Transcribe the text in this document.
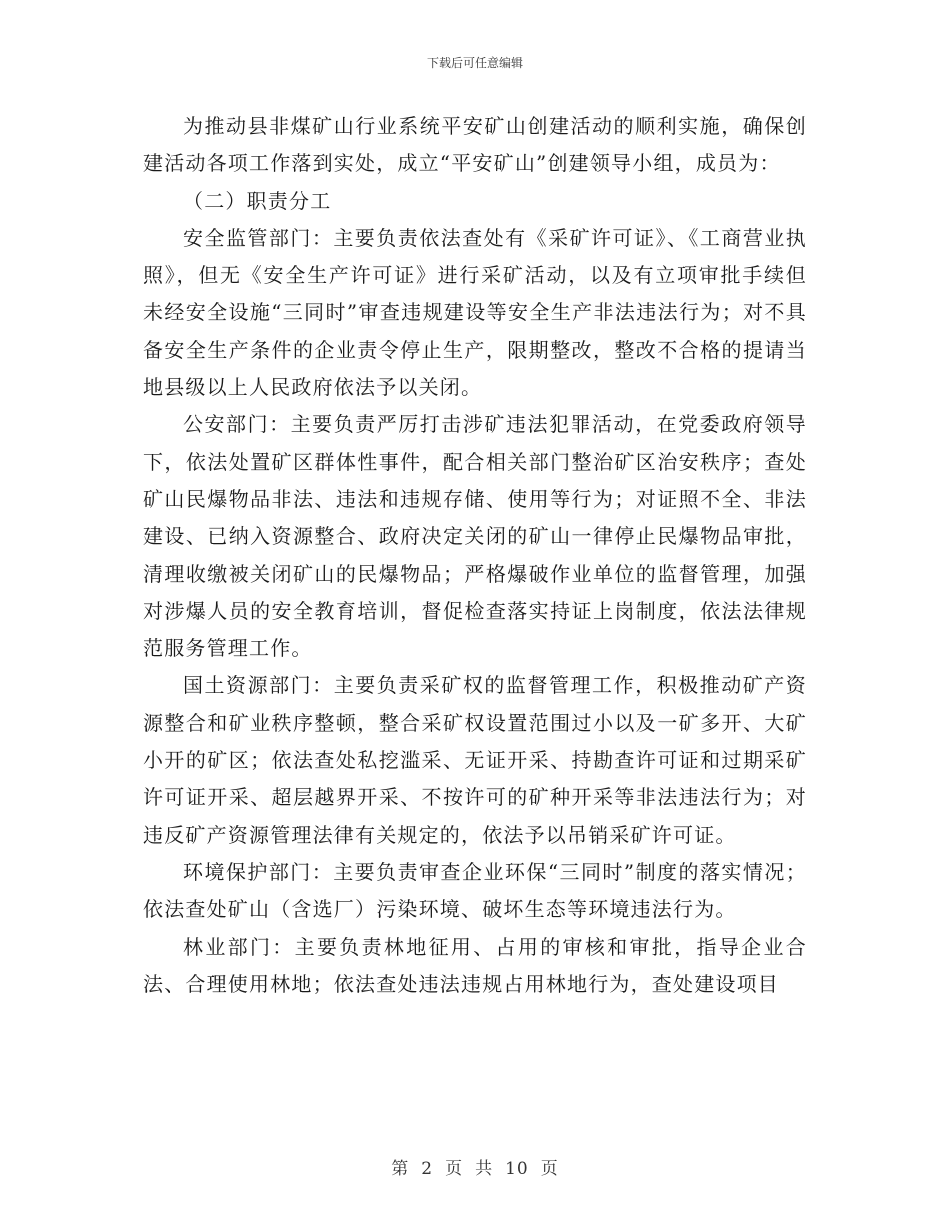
下载后可任意编辑

为推动县非煤矿山行业系统平安矿山创建活动的顺利实施，确保创建活动各项工作落到实处，成立“平安矿山”创建领导小组，成员为：

（二）职责分工

安全监管部门：主要负责依法查处有《采矿许可证》、《工商营业执照》，但无《安全生产许可证》进行采矿活动，以及有立项审批手续但未经安全设施“三同时”审查违规建设等安全生产非法违法行为；对不具备安全生产条件的企业责令停止生产，限期整改，整改不合格的提请当地县级以上人民政府依法予以关闭。

公安部门：主要负责严厉打击涉矿违法犯罪活动，在党委政府领导下，依法处置矿区群体性事件，配合相关部门整治矿区治安秩序；查处矿山民爆物品非法、违法和违规存储、使用等行为；对证照不全、非法建设、已纳入资源整合、政府决定关闭的矿山一律停止民爆物品审批，清理收缴被关闭矿山的民爆物品；严格爆破作业单位的监督管理，加强对涉爆人员的安全教育培训，督促检查落实持证上岗制度，依法法律规范服务管理工作。

国土资源部门：主要负责采矿权的监督管理工作，积极推动矿产资源整合和矿业秩序整顿，整合采矿权设置范围过小以及一矿多开、大矿小开的矿区；依法查处私挖滥采、无证开采、持勘查许可证和过期采矿许可证开采、超层越界开采、不按许可的矿种开采等非法违法行为；对违反矿产资源管理法律有关规定的，依法予以吊销采矿许可证。

环境保护部门：主要负责审查企业环保“三同时”制度的落实情况；依法查处矿山（含选厂）污染环境、破坏生态等环境违法行为。

林业部门：主要负责林地征用、占用的审核和审批，指导企业合法、合理使用林地；依法查处违法违规占用林地行为，查处建设项目

第 2 页 共 10 页
